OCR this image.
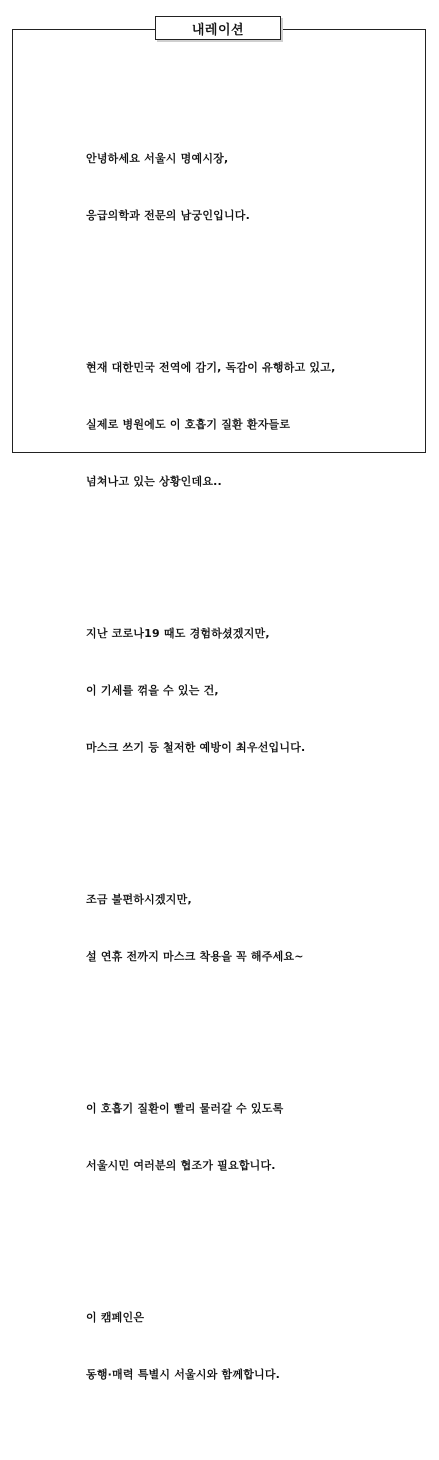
내레이션

안녕하세요 서울시 명예시장,

응급의학과 전문의 남궁인입니다.

현재 대한민국 전역에 감기, 독감이 유행하고 있고,

실제로 병원에도 이 호흡기 질환 환자들로

넘쳐나고 있는 상황인데요..

지난 코로나19 때도 경험하셨겠지만,

이 기세를 꺾을 수 있는 건,

마스크 쓰기 등 철저한 예방이 최우선입니다.

조금 불편하시겠지만,

설 연휴 전까지 마스크 착용을 꼭 해주세요~

이 호흡기 질환이 빨리 물러갈 수 있도록

서울시민 여러분의 협조가 필요합니다.

이 캠페인은

동행·매력 특별시 서울시와 함께합니다.
